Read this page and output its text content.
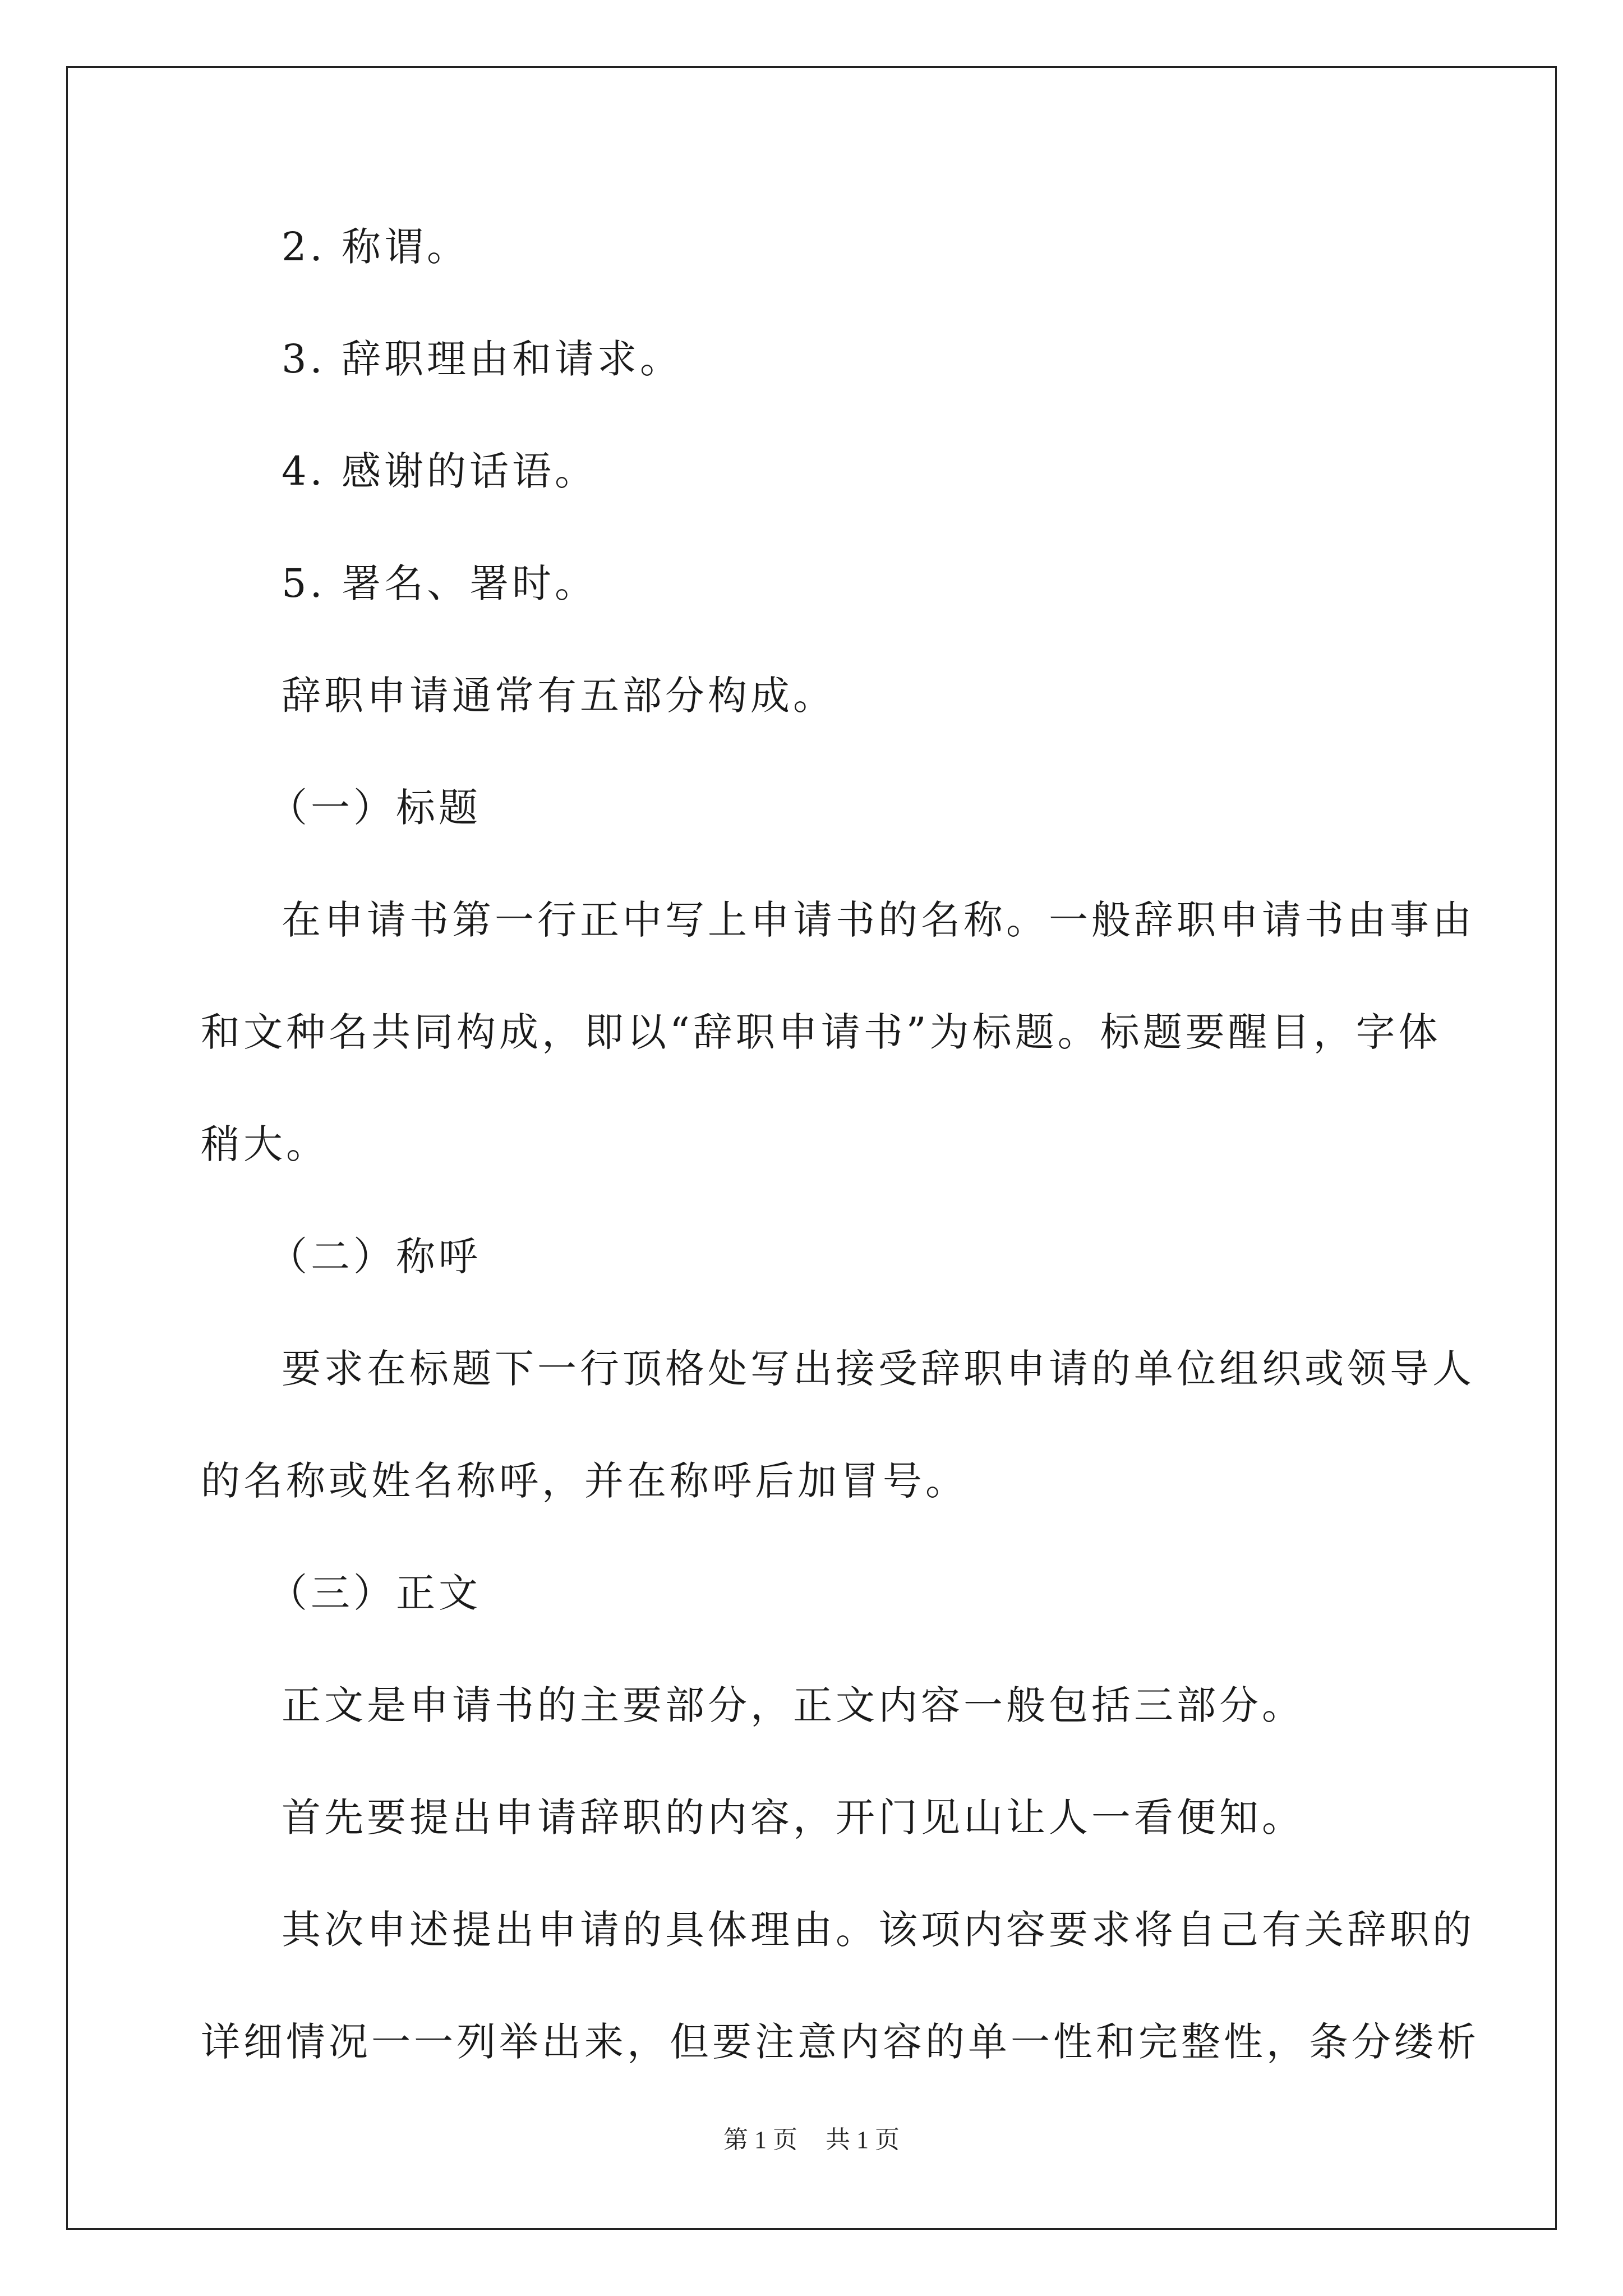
2. 称谓。
3. 辞职理由和请求。
4. 感谢的话语。
5. 署名、署时。
辞职申请通常有五部分构成。
（一）标题
在申请书第一行正中写上申请书的名称。一般辞职申请书由事由
和文种名共同构成，即以“辞职申请书”为标题。标题要醒目，字体
稍大。
（二）称呼
要求在标题下一行顶格处写出接受辞职申请的单位组织或领导人
的名称或姓名称呼，并在称呼后加冒号。
（三）正文
正文是申请书的主要部分，正文内容一般包括三部分。
首先要提出申请辞职的内容，开门见山让人一看便知。
其次申述提出申请的具体理由。该项内容要求将自己有关辞职的
详细情况一一列举出来，但要注意内容的单一性和完整性，条分缕析
第 1 页 共 1 页
